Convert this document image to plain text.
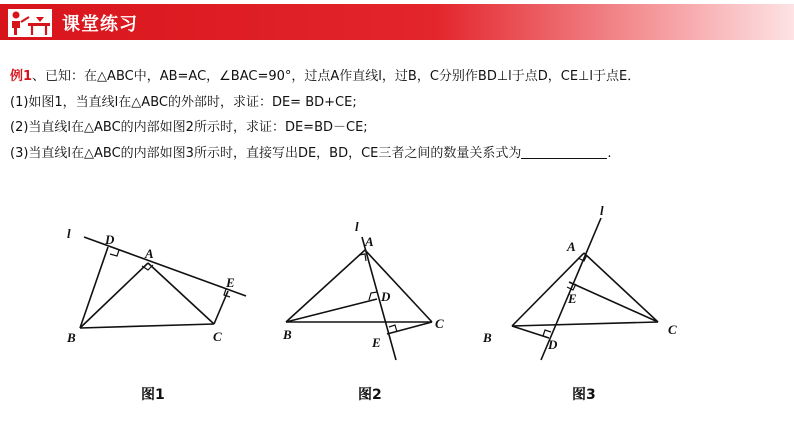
课堂练习
例1、已知：在△ABC中，AB=AC，∠BAC=90°，过点A作直线l，过B，C分别作BD⊥l于点D，CE⊥l于点E．
(1)如图1，当直线l在△ABC的外部时，求证：DE= BD+CE;
(2)当直线l在△ABC的内部如图2所示时，求证：DE=BD－CE;
(3)当直线l在△ABC的内部如图3所示时，直接写出DE，BD，CE三者之间的数量关系式为	.
l	D
A
E
B	C
l
A
D
C
B
E
l
A
E
C
B	D
图1	图2	图3
